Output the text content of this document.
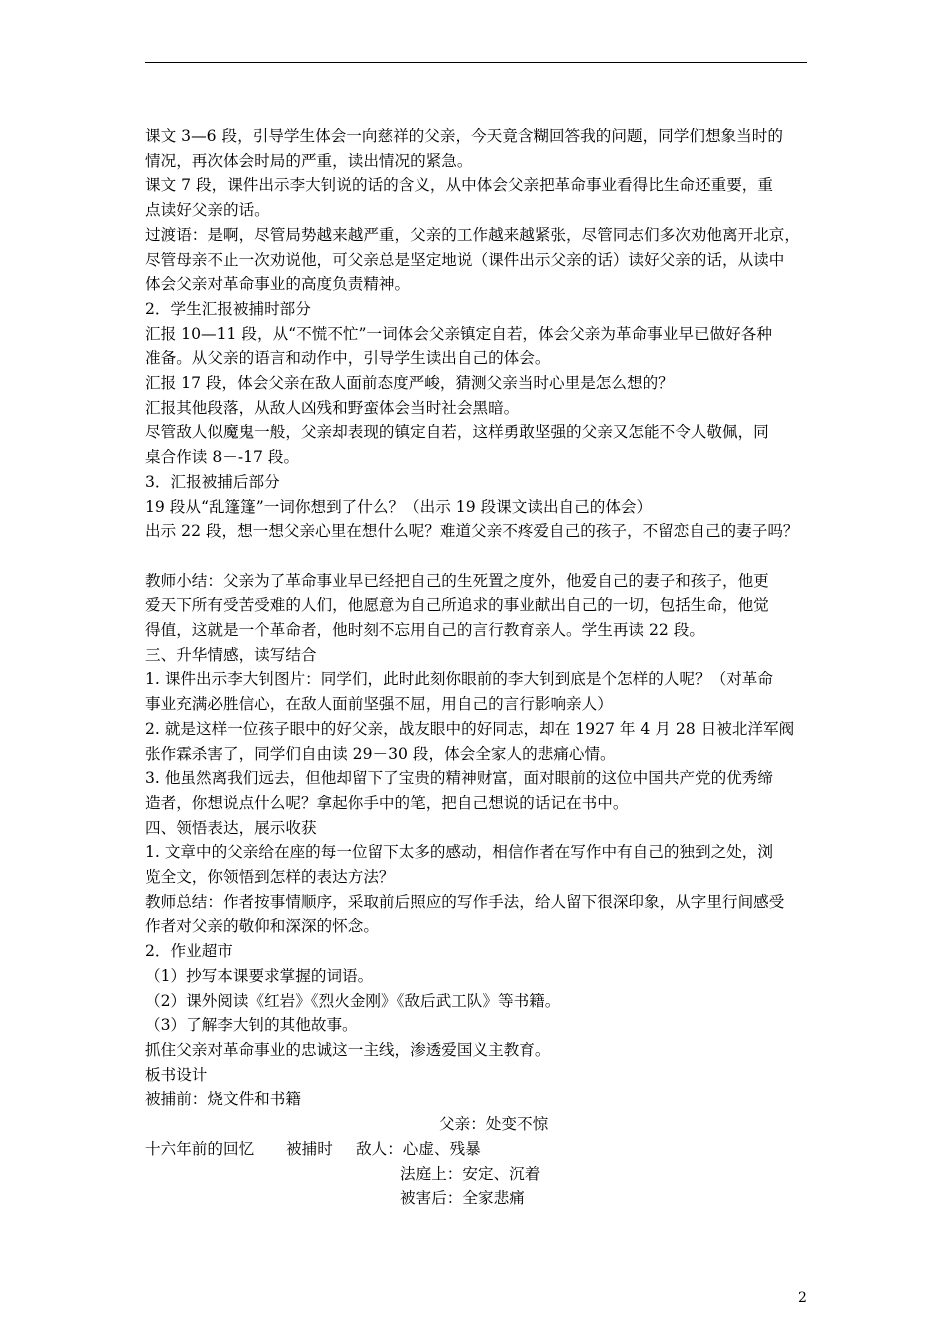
课文 3—6 段，引导学生体会一向慈祥的父亲，今天竟含糊回答我的问题，同学们想象当时的

情况，再次体会时局的严重，读出情况的紧急。

课文 7 段，课件出示李大钊说的话的含义，从中体会父亲把革命事业看得比生命还重要，重

点读好父亲的话。

过渡语：是啊，尽管局势越来越严重，父亲的工作越来越紧张，尽管同志们多次劝他离开北京，

尽管母亲不止一次劝说他，可父亲总是坚定地说（课件出示父亲的话）读好父亲的话，从读中

体会父亲对革命事业的高度负责精神。

2．学生汇报被捕时部分

汇报 10—11 段，从“不慌不忙”一词体会父亲镇定自若，体会父亲为革命事业早已做好各种

准备。从父亲的语言和动作中，引导学生读出自己的体会。

汇报 17 段，体会父亲在敌人面前态度严峻，猜测父亲当时心里是怎么想的？

汇报其他段落，从敌人凶残和野蛮体会当时社会黑暗。

尽管敌人似魔鬼一般，父亲却表现的镇定自若，这样勇敢坚强的父亲又怎能不令人敬佩，同

桌合作读 8－-17 段。

3．汇报被捕后部分

19 段从“乱篷篷”一词你想到了什么？（出示 19 段课文读出自己的体会）

出示 22 段，想一想父亲心里在想什么呢？难道父亲不疼爱自己的孩子，不留恋自己的妻子吗？

教师小结：父亲为了革命事业早已经把自己的生死置之度外，他爱自己的妻子和孩子，他更

爱天下所有受苦受难的人们，他愿意为自己所追求的事业献出自己的一切，包括生命，他觉

得值，这就是一个革命者，他时刻不忘用自己的言行教育亲人。学生再读 22 段。

三、升华情感，读写结合

1. 课件出示李大钊图片：同学们，此时此刻你眼前的李大钊到底是个怎样的人呢？（对革命

事业充满必胜信心，在敌人面前坚强不屈，用自己的言行影响亲人）

2. 就是这样一位孩子眼中的好父亲，战友眼中的好同志，却在 1927 年 4 月 28 日被北洋军阀

张作霖杀害了，同学们自由读 29－30 段，体会全家人的悲痛心情。

3. 他虽然离我们远去，但他却留下了宝贵的精神财富，面对眼前的这位中国共产党的优秀缔

造者，你想说点什么呢？拿起你手中的笔，把自己想说的话记在书中。

四、领悟表达，展示收获

1. 文章中的父亲给在座的每一位留下太多的感动，相信作者在写作中有自己的独到之处，浏

览全文，你领悟到怎样的表达方法？

教师总结：作者按事情顺序，采取前后照应的写作手法，给人留下很深印象，从字里行间感受

作者对父亲的敬仰和深深的怀念。

2．作业超市

（1）抄写本课要求掌握的词语。

（2）课外阅读《红岩》《烈火金刚》《敌后武工队》等书籍。

（3）了解李大钊的其他故事。

抓住父亲对革命事业的忠诚这一主线，渗透爱国义主教育。

板书设计

被捕前：烧文件和书籍

父亲：处变不惊
十六年前的回忆 被捕时 敌人：心虚、残暴
法庭上：安定、沉着
被害后：全家悲痛
2
